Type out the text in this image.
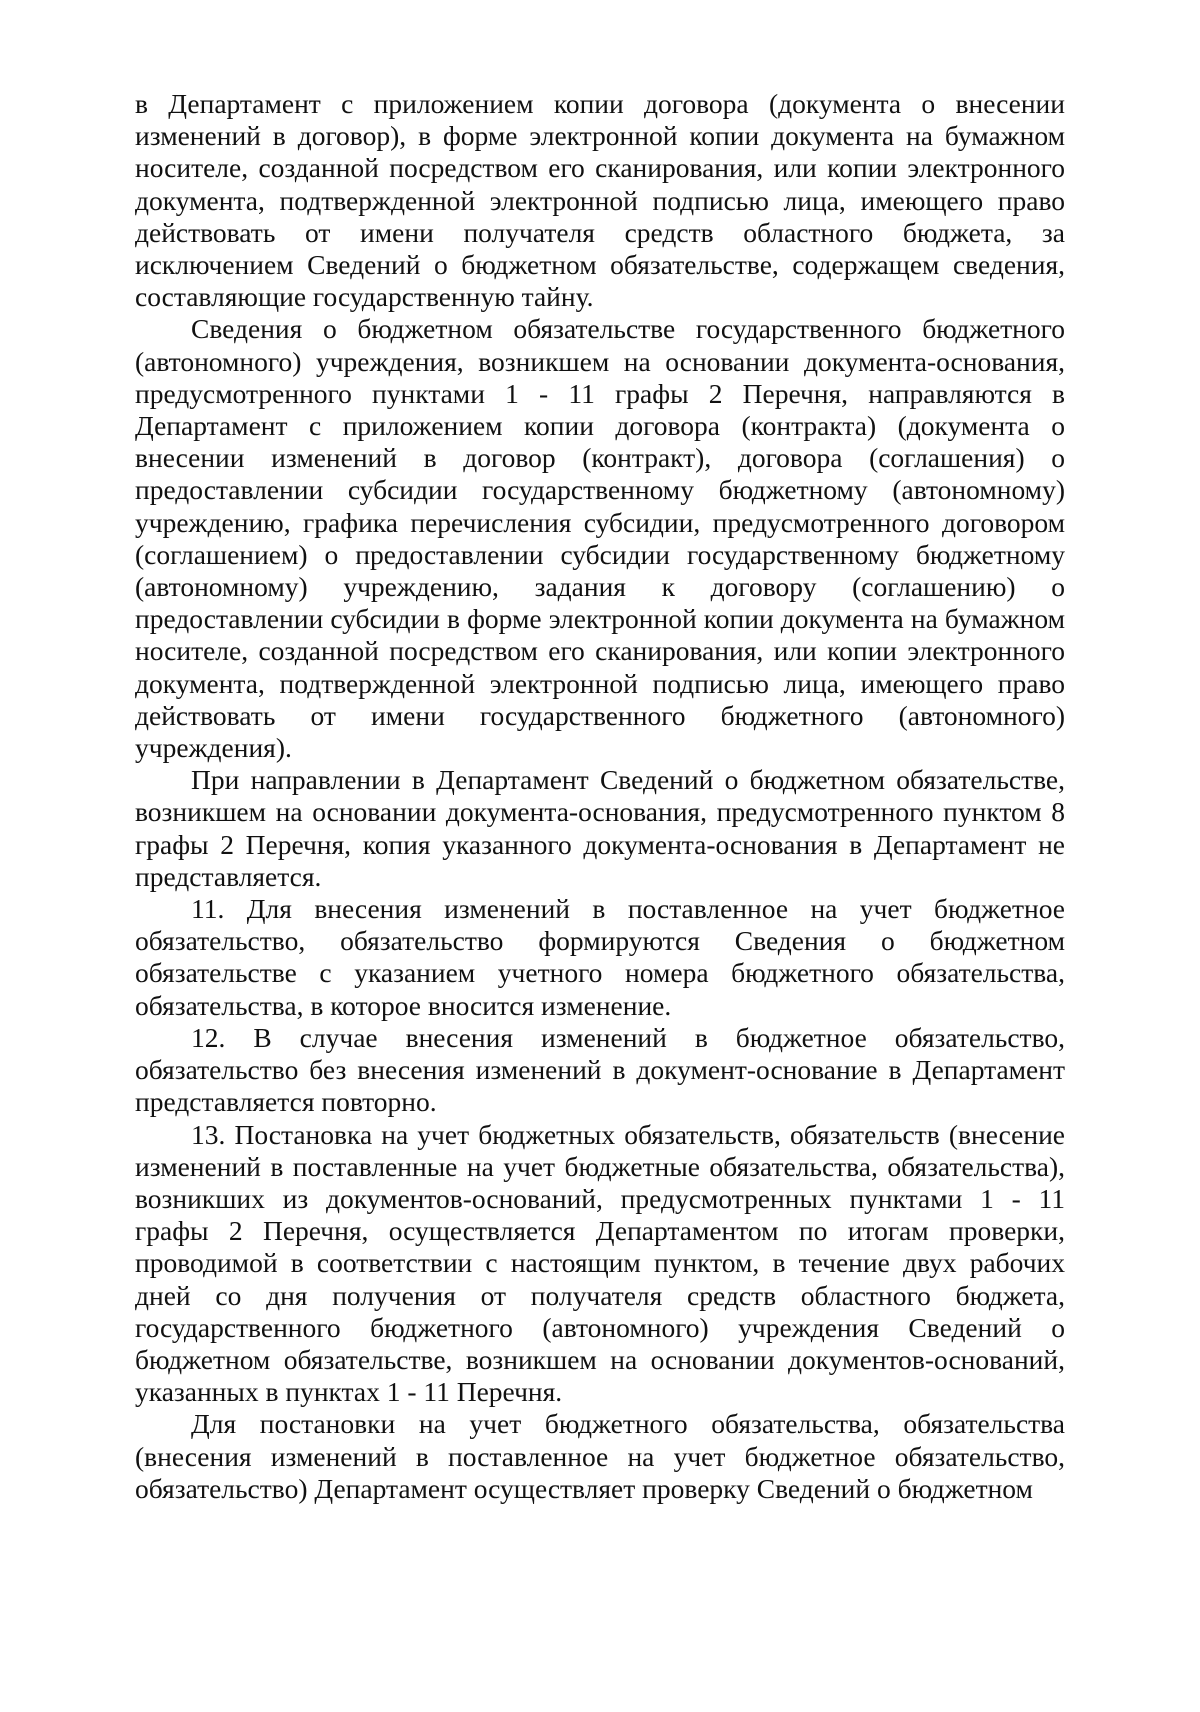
в Департамент с приложением копии договора (документа о внесении изменений в договор), в форме электронной копии документа на бумажном носителе, созданной посредством его сканирования, или копии электронного документа, подтвержденной электронной подписью лица, имеющего право действовать от имени получателя средств областного бюджета, за исключением Сведений о бюджетном обязательстве, содержащем сведения, составляющие государственную тайну.

Сведения о бюджетном обязательстве государственного бюджетного (автономного) учреждения, возникшем на основании документа-основания, предусмотренного пунктами 1 - 11 графы 2 Перечня, направляются в Департамент с приложением копии договора (контракта) (документа о внесении изменений в договор (контракт), договора (соглашения) о предоставлении субсидии государственному бюджетному (автономному) учреждению, графика перечисления субсидии, предусмотренного договором (соглашением) о предоставлении субсидии государственному бюджетному (автономному) учреждению, задания к договору (соглашению) о предоставлении субсидии в форме электронной копии документа на бумажном носителе, созданной посредством его сканирования, или копии электронного документа, подтвержденной электронной подписью лица, имеющего право действовать от имени государственного бюджетного (автономного) учреждения).

При направлении в Департамент Сведений о бюджетном обязательстве, возникшем на основании документа-основания, предусмотренного пунктом 8 графы 2 Перечня, копия указанного документа-основания в Департамент не представляется.

11. Для внесения изменений в поставленное на учет бюджетное обязательство, обязательство формируются Сведения о бюджетном обязательстве с указанием учетного номера бюджетного обязательства, обязательства, в которое вносится изменение.

12. В случае внесения изменений в бюджетное обязательство, обязательство без внесения изменений в документ-основание в Департамент представляется повторно.

13. Постановка на учет бюджетных обязательств, обязательств (внесение изменений в поставленные на учет бюджетные обязательства, обязательства), возникших из документов-оснований, предусмотренных пунктами 1 - 11 графы 2 Перечня, осуществляется Департаментом по итогам проверки, проводимой в соответствии с настоящим пунктом, в течение двух рабочих дней со дня получения от получателя средств областного бюджета, государственного бюджетного (автономного) учреждения Сведений о бюджетном обязательстве, возникшем на основании документов-оснований, указанных в пунктах 1 - 11 Перечня.

Для постановки на учет бюджетного обязательства, обязательства (внесения изменений в поставленное на учет бюджетное обязательство, обязательство) Департамент осуществляет проверку Сведений о бюджетном
